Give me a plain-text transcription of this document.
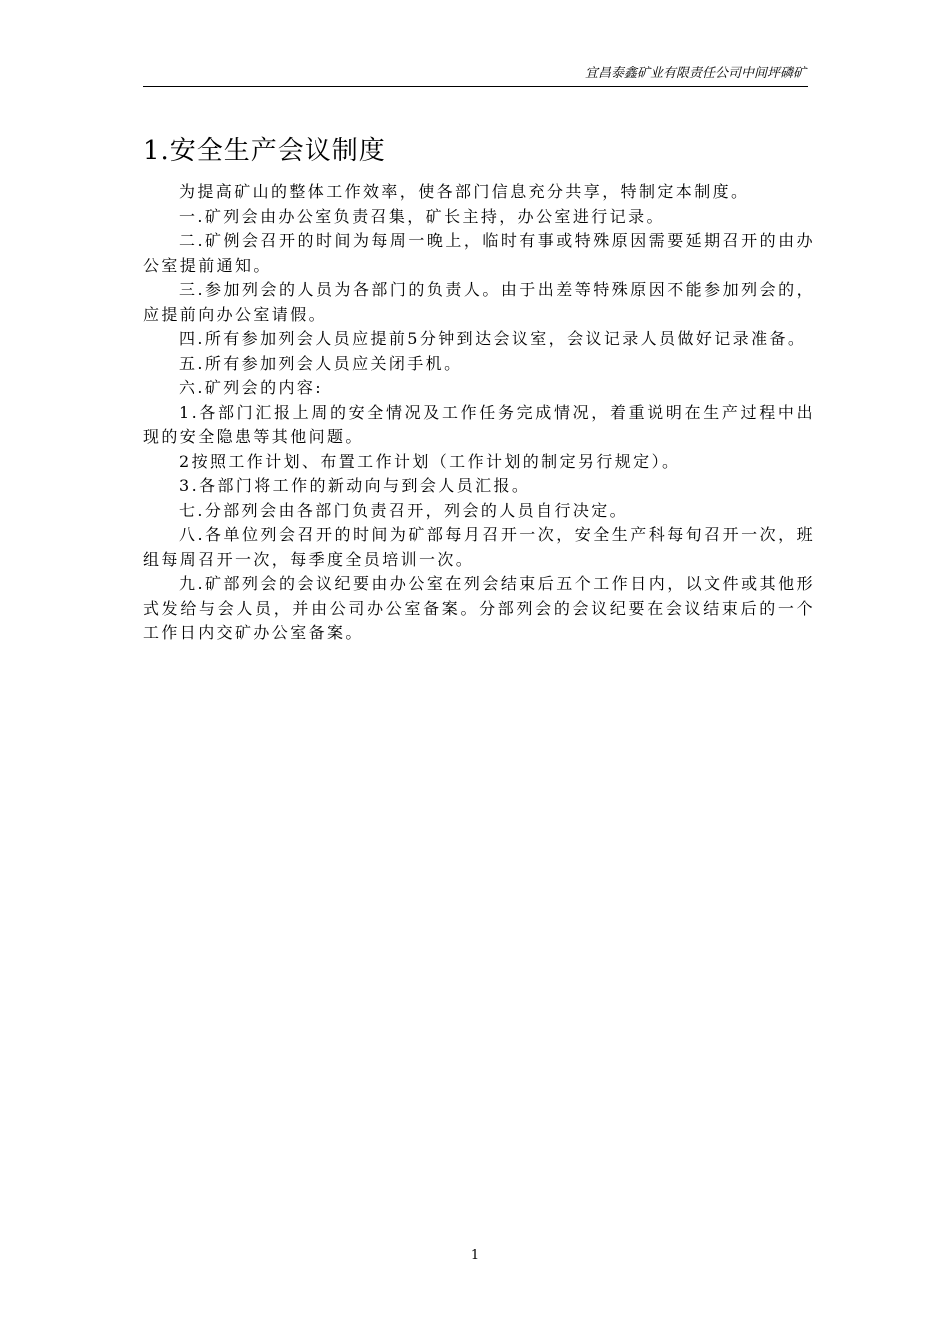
宜昌泰鑫矿业有限责任公司中间坪磷矿
1.安全生产会议制度

为提高矿山的整体工作效率，使各部门信息充分共享，特制定本制度。

一.矿列会由办公室负责召集，矿长主持，办公室进行记录。

二.矿例会召开的时间为每周一晚上，临时有事或特殊原因需要延期召开的由办公室提前通知。

三.参加列会的人员为各部门的负责人。由于出差等特殊原因不能参加列会的，应提前向办公室请假。

四.所有参加列会人员应提前5分钟到达会议室，会议记录人员做好记录准备。

五.所有参加列会人员应关闭手机。

六.矿列会的内容:

1.各部门汇报上周的安全情况及工作任务完成情况，着重说明在生产过程中出现的安全隐患等其他问题。

2按照工作计划、布置工作计划（工作计划的制定另行规定）。

3.各部门将工作的新动向与到会人员汇报。

七.分部列会由各部门负责召开，列会的人员自行决定。

八.各单位列会召开的时间为矿部每月召开一次，安全生产科每旬召开一次，班组每周召开一次，每季度全员培训一次。

九.矿部列会的会议纪要由办公室在列会结束后五个工作日内，以文件或其他形式发给与会人员，并由公司办公室备案。分部列会的会议纪要在会议结束后的一个工作日内交矿办公室备案。

1
